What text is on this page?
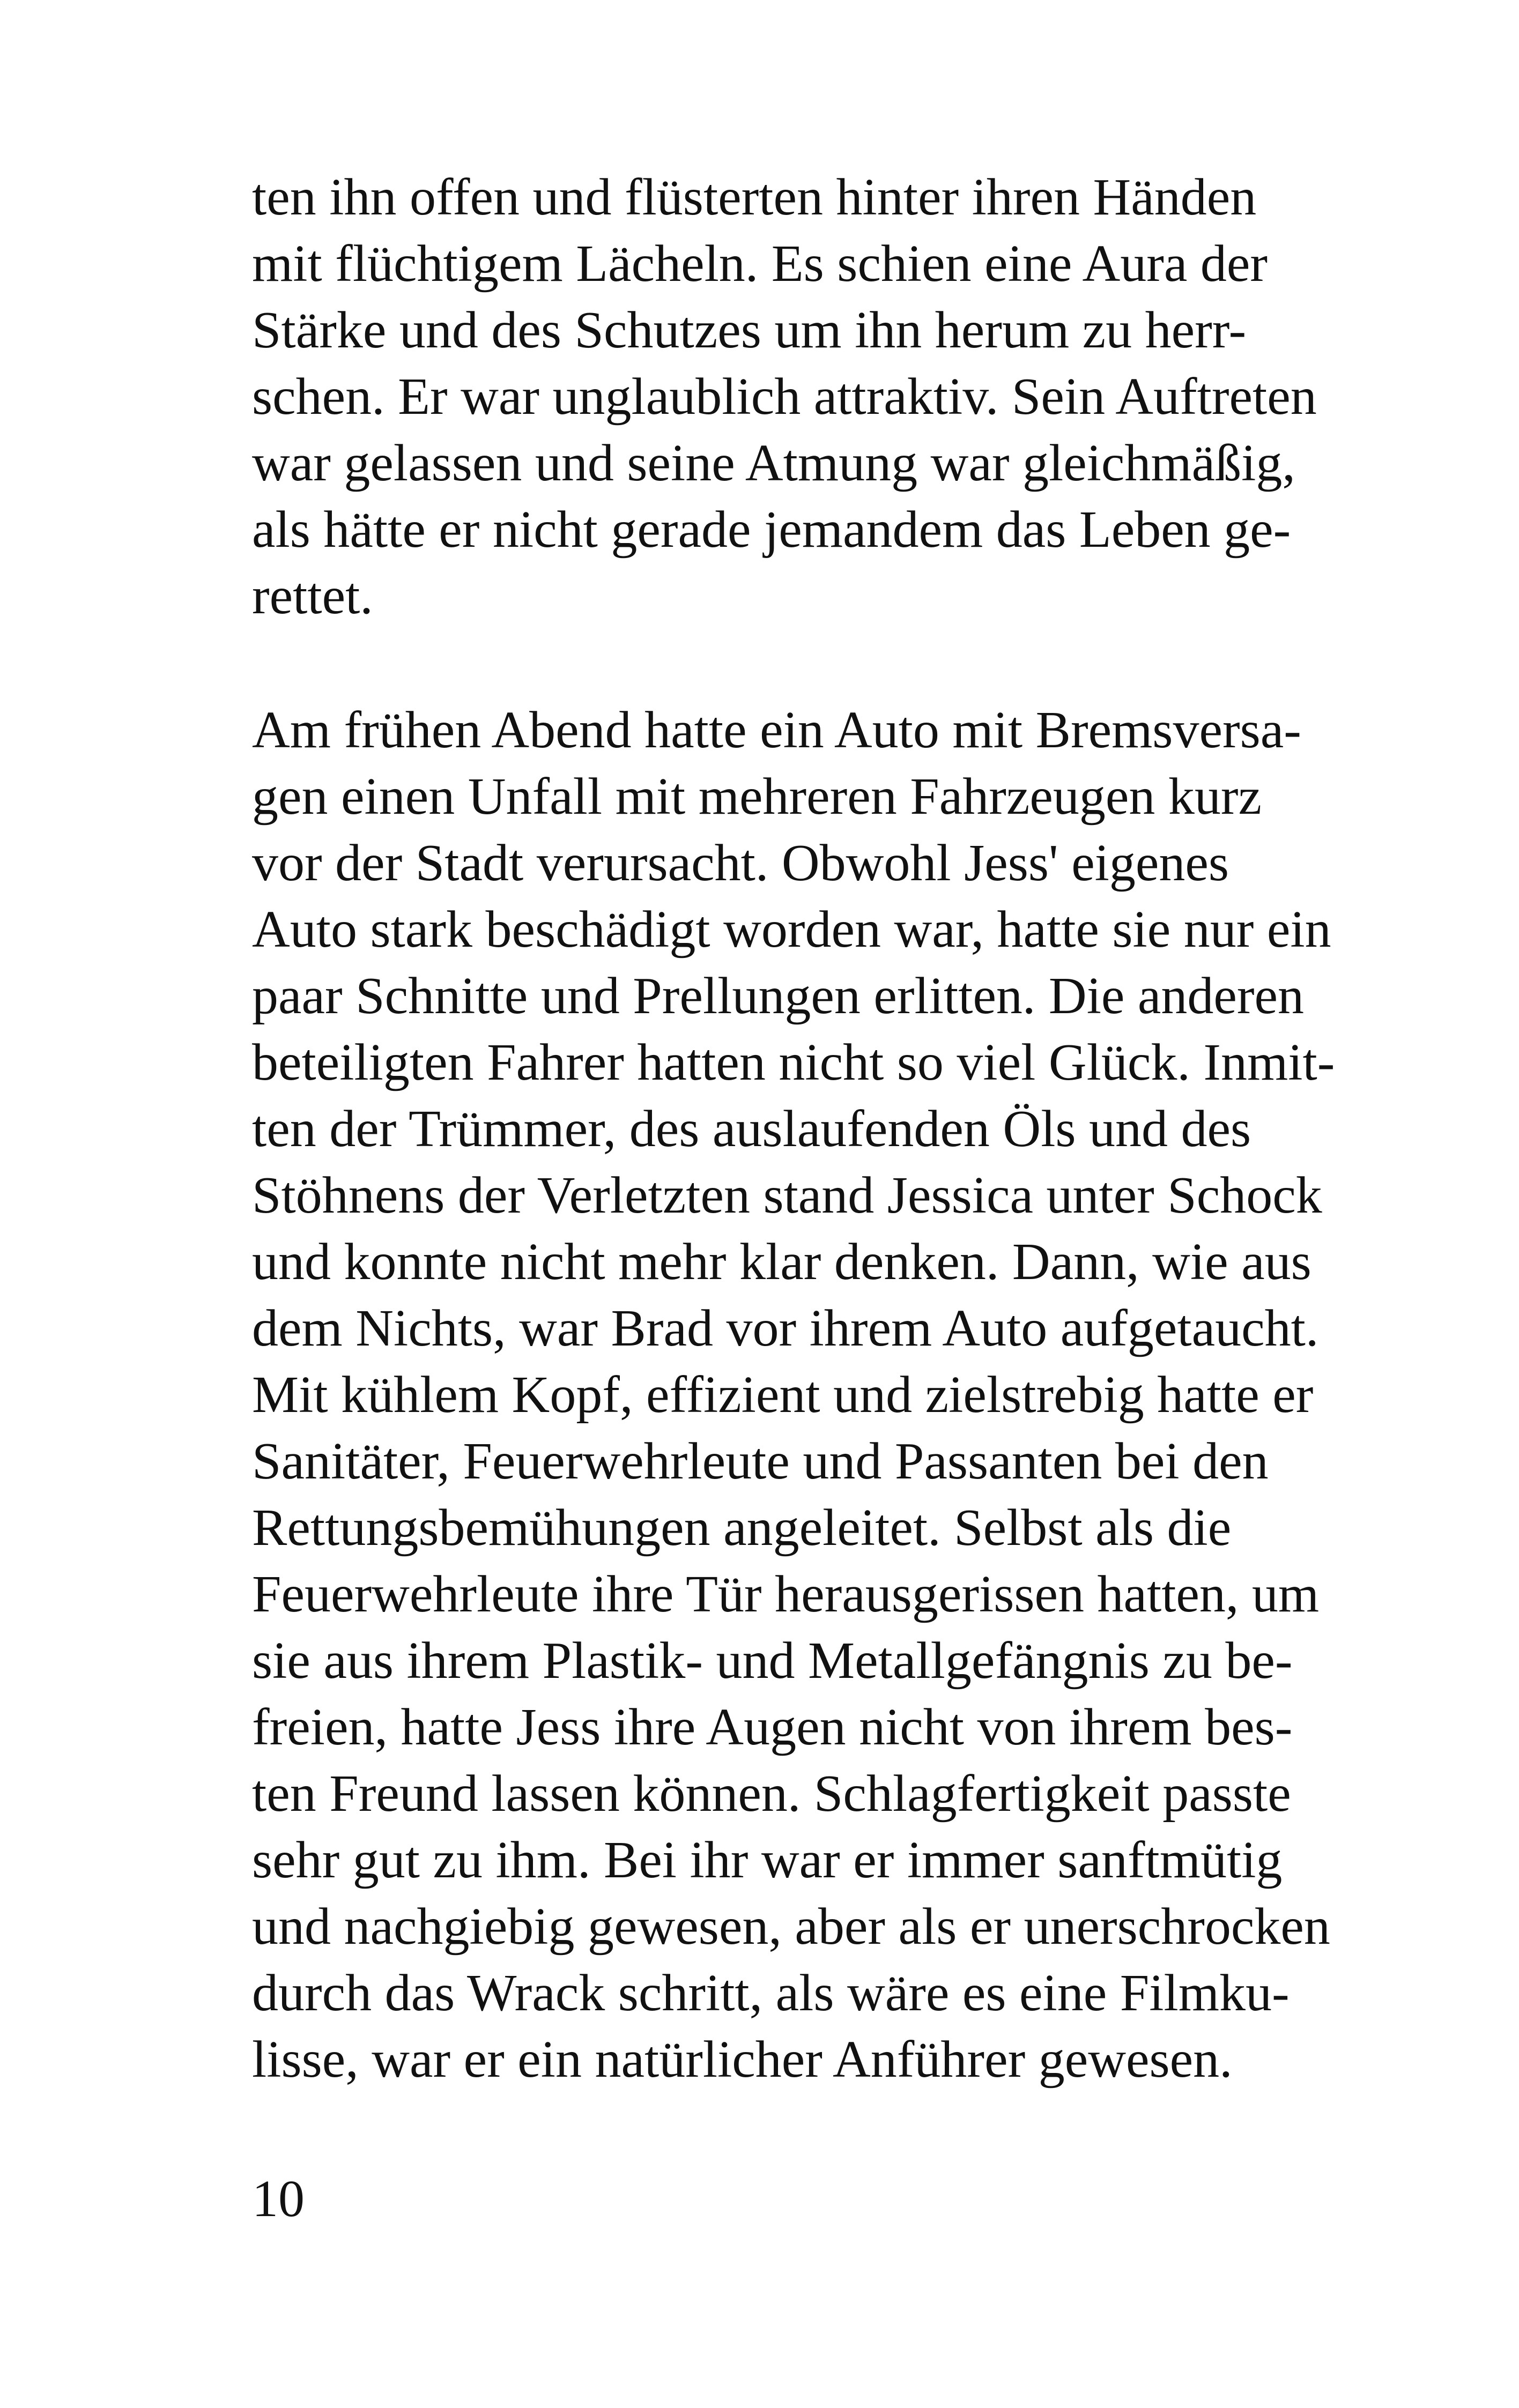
ten ihn offen und flüsterten hinter ihren Händen
mit flüchtigem Lächeln. Es schien eine Aura der
Stärke und des Schutzes um ihn herum zu herr-
schen. Er war unglaublich attraktiv. Sein Auftreten
war gelassen und seine Atmung war gleichmäßig,
als hätte er nicht gerade jemandem das Leben ge-
rettet.
Am frühen Abend hatte ein Auto mit Bremsversa-
gen einen Unfall mit mehreren Fahrzeugen kurz
vor der Stadt verursacht. Obwohl Jess' eigenes
Auto stark beschädigt worden war, hatte sie nur ein
paar Schnitte und Prellungen erlitten. Die anderen
beteiligten Fahrer hatten nicht so viel Glück. Inmit-
ten der Trümmer, des auslaufenden Öls und des
Stöhnens der Verletzten stand Jessica unter Schock
und konnte nicht mehr klar denken. Dann, wie aus
dem Nichts, war Brad vor ihrem Auto aufgetaucht.
Mit kühlem Kopf, effizient und zielstrebig hatte er
Sanitäter, Feuerwehrleute und Passanten bei den
Rettungsbemühungen angeleitet. Selbst als die
Feuerwehrleute ihre Tür herausgerissen hatten, um
sie aus ihrem Plastik- und Metallgefängnis zu be-
freien, hatte Jess ihre Augen nicht von ihrem bes-
ten Freund lassen können. Schlagfertigkeit passte
sehr gut zu ihm. Bei ihr war er immer sanftmütig
und nachgiebig gewesen, aber als er unerschrocken
durch das Wrack schritt, als wäre es eine Filmku-
lisse, war er ein natürlicher Anführer gewesen.
10
